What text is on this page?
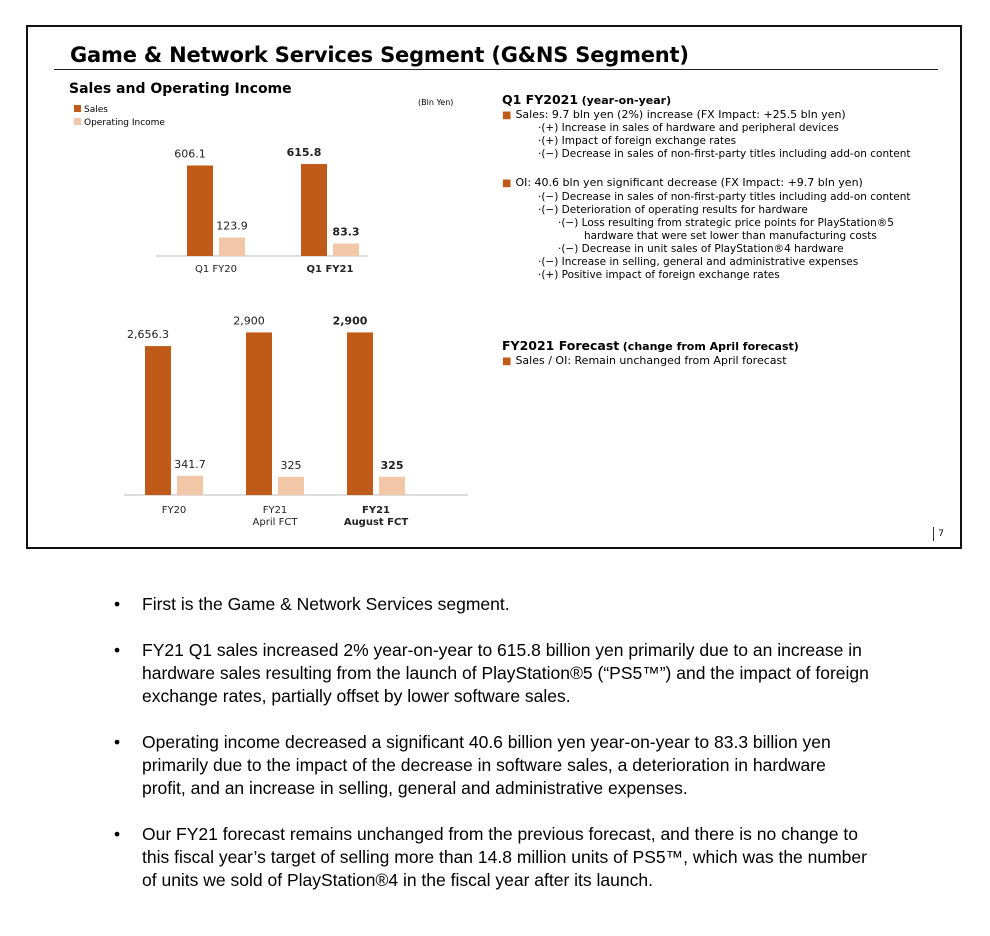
Game & Network Services Segment (G&NS Segment)
Sales and Operating Income
Sales
Operating Income
(Bln Yen)
606.1
123.9
Q1 FY20
615.8
83.3
Q1 FY21
2,656.3
341.7
FY20
2,900
325
FY21
April FCT
2,900
325
FY21
August FCT
Q1 FY2021 (year-on-year)
■ Sales: 9.7 bln yen (2%) increase (FX Impact: +25.5 bln yen)
·(+) Increase in sales of hardware and peripheral devices
·(+) Impact of foreign exchange rates
·(−) Decrease in sales of non-first-party titles including add-on content
■ OI: 40.6 bln yen significant decrease (FX Impact: +9.7 bln yen)
·(−) Decrease in sales of non-first-party titles including add-on content
·(−) Deterioration of operating results for hardware
·(−) Loss resulting from strategic price points for PlayStation®5
hardware that were set lower than manufacturing costs
·(−) Decrease in unit sales of PlayStation®4 hardware
·(−) Increase in selling, general and administrative expenses
·(+) Positive impact of foreign exchange rates
FY2021 Forecast (change from April forecast)
■ Sales / OI: Remain unchanged from April forecast
7
• First is the Game & Network Services segment.
• FY21 Q1 sales increased 2% year-on-year to 615.8 billion yen primarily due to an increase in hardware sales resulting from the launch of PlayStation®5 (“PS5™”) and the impact of foreign exchange rates, partially offset by lower software sales.
• Operating income decreased a significant 40.6 billion yen year-on-year to 83.3 billion yen primarily due to the impact of the decrease in software sales, a deterioration in hardware profit, and an increase in selling, general and administrative expenses.
• Our FY21 forecast remains unchanged from the previous forecast, and there is no change to this fiscal year’s target of selling more than 14.8 million units of PS5™, which was the number of units we sold of PlayStation®4 in the fiscal year after its launch.
